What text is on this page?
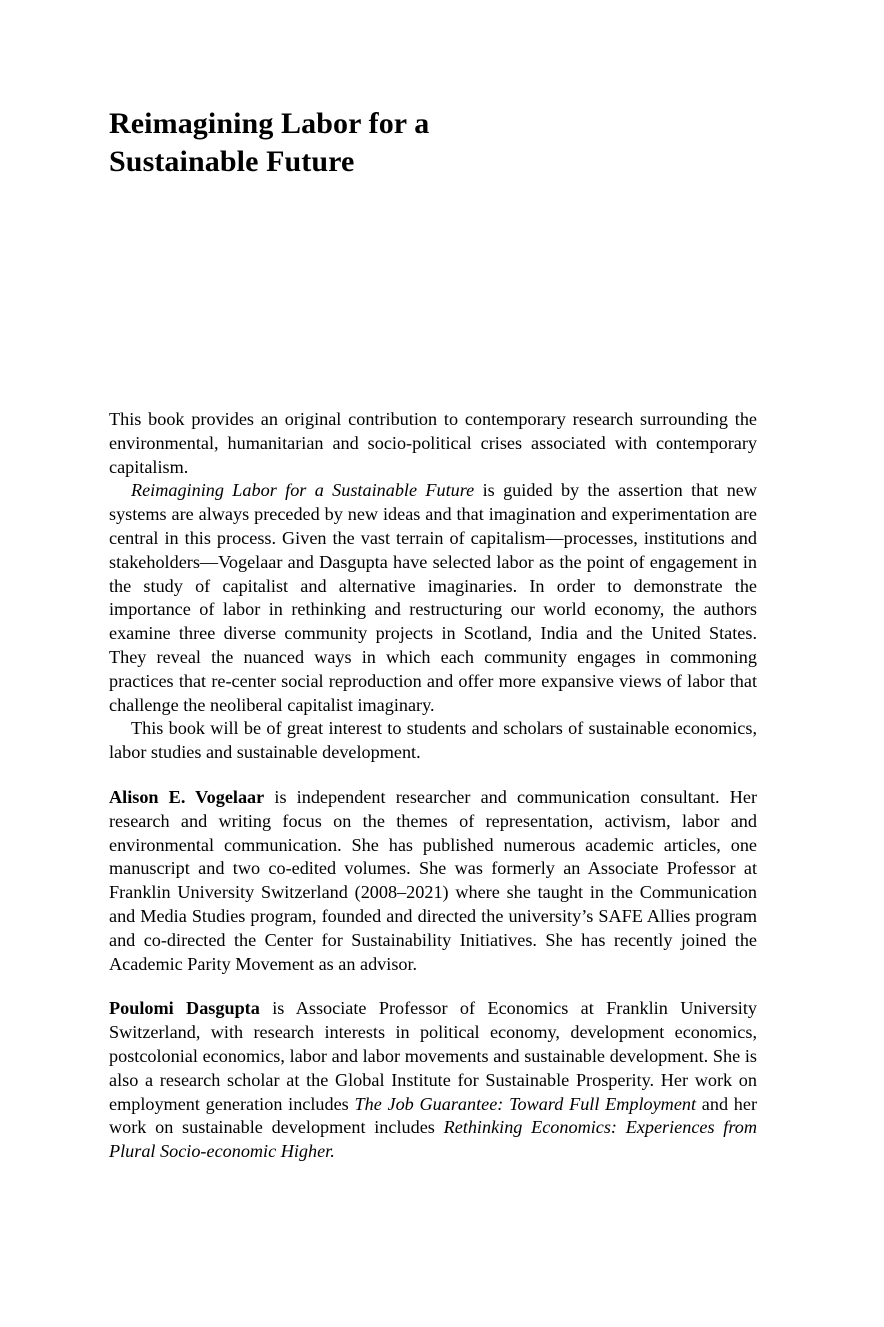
Reimagining Labor for a
Sustainable Future

This book provides an original contribution to contemporary research surrounding the environmental, humanitarian and socio-political crises associated with contemporary capitalism.

Reimagining Labor for a Sustainable Future is guided by the assertion that new systems are always preceded by new ideas and that imagination and experimentation are central in this process. Given the vast terrain of capitalism—processes, institutions and stakeholders—Vogelaar and Dasgupta have selected labor as the point of engagement in the study of capitalist and alternative imaginaries. In order to demonstrate the importance of labor in rethinking and restructuring our world economy, the authors examine three diverse community projects in Scotland, India and the United States. They reveal the nuanced ways in which each community engages in commoning practices that re-center social reproduction and offer more expansive views of labor that challenge the neoliberal capitalist imaginary.

This book will be of great interest to students and scholars of sustainable economics, labor studies and sustainable development.

Alison E. Vogelaar is independent researcher and communication consultant. Her research and writing focus on the themes of representation, activism, labor and environmental communication. She has published numerous academic articles, one manuscript and two co-edited volumes. She was formerly an Associate Professor at Franklin University Switzerland (2008–2021) where she taught in the Communication and Media Studies program, founded and directed the university’s SAFE Allies program and co-directed the Center for Sustainability Initiatives. She has recently joined the Academic Parity Movement as an advisor.

Poulomi Dasgupta is Associate Professor of Economics at Franklin University Switzerland, with research interests in political economy, development economics, postcolonial economics, labor and labor movements and sustainable development. She is also a research scholar at the Global Institute for Sustainable Prosperity. Her work on employment generation includes The Job Guarantee: Toward Full Employment and her work on sustainable development includes Rethinking Economics: Experiences from Plural Socio-economic Higher.
